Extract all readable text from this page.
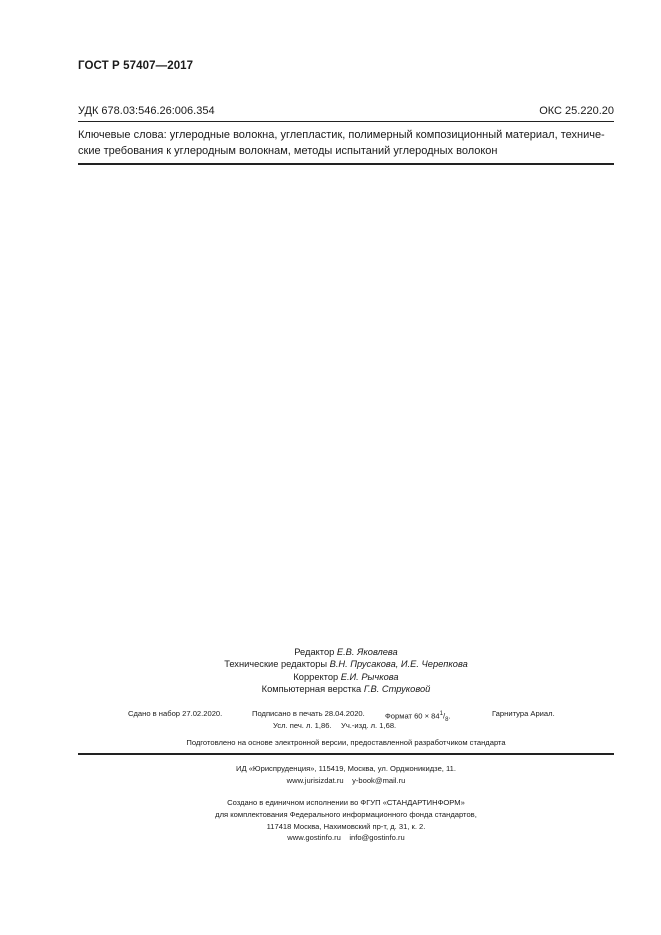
ГОСТ Р 57407—2017
УДК 678.03:546.26:006.354	ОКС 25.220.20
Ключевые слова: углеродные волокна, углепластик, полимерный композиционный материал, техниче-
ские требования к углеродным волокнам, методы испытаний углеродных волокон
Редактор Е.В. Яковлева
Технические редакторы В.Н. Прусакова, И.Е. Черепкова
Корректор Е.И. Рычкова
Компьютерная верстка Г.В. Струковой
Сдано в набор 27.02.2020.	Подписано в печать 28.04.2020.	Формат $60 \times 84^1/_8$.	Гарнитура Ариал.
Усл. печ. л. 1,86. Уч.-изд. л. 1,68.
Подготовлено на основе электронной версии, предоставленной разработчиком стандарта
ИД «Юриспруденция», 115419, Москва, ул. Орджоникидзе, 11.
www.jurisizdat.ru y-book@mail.ru
Создано в единичном исполнении во ФГУП «СТАНДАРТИНФОРМ»
для комплектования Федерального информационного фонда стандартов,
117418 Москва, Нахимовский пр-т, д. 31, к. 2.
www.gostinfo.ru info@gostinfo.ru
